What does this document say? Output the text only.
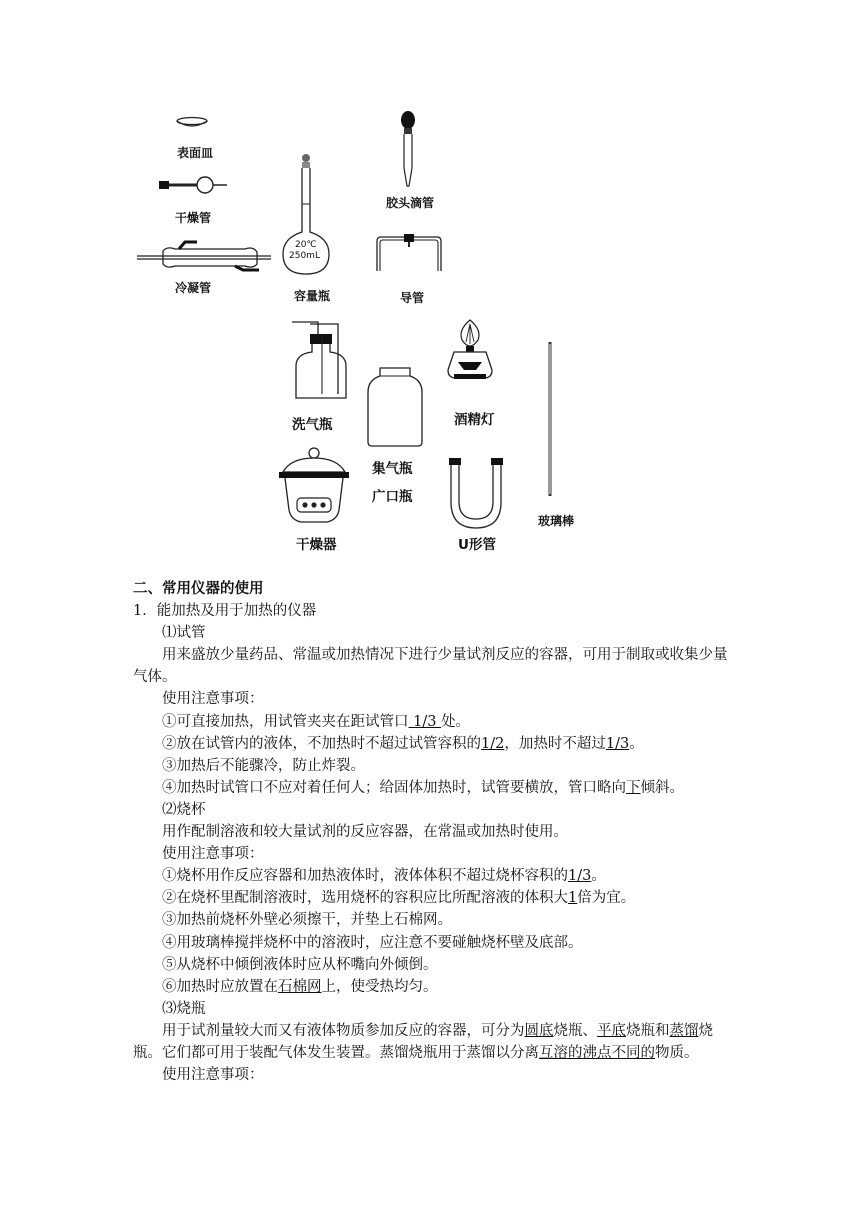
表面皿
干燥管
冷凝管
20℃
250mL
容量瓶
胶头滴管
导管
洗气瓶
集气瓶
广口瓶
酒精灯
玻璃棒
干燥器	U形管

二、常用仪器的使用

1．能加热及用于加热的仪器

⑴试管

用来盛放少量药品、常温或加热情况下进行少量试剂反应的容器，可用于制取或收集少量气体。

使用注意事项：

①可直接加热，用试管夹夹在距试管口 1/3 处。

②放在试管内的液体，不加热时不超过试管容积的1/2，加热时不超过1/3。

③加热后不能骤冷，防止炸裂。

④加热时试管口不应对着任何人；给固体加热时，试管要横放，管口略向下倾斜。

⑵烧杯

用作配制溶液和较大量试剂的反应容器，在常温或加热时使用。

使用注意事项：

①烧杯用作反应容器和加热液体时，液体体积不超过烧杯容积的1/3。

②在烧杯里配制溶液时，选用烧杯的容积应比所配溶液的体积大1倍为宜。

③加热前烧杯外壁必须擦干，并垫上石棉网。

④用玻璃棒搅拌烧杯中的溶液时，应注意不要碰触烧杯壁及底部。

⑤从烧杯中倾倒液体时应从杯嘴向外倾倒。

⑥加热时应放置在石棉网上，使受热均匀。

⑶烧瓶

用于试剂量较大而又有液体物质参加反应的容器，可分为圆底烧瓶、平底烧瓶和蒸馏烧瓶。它们都可用于装配气体发生装置。蒸馏烧瓶用于蒸馏以分离互溶的沸点不同的物质。

使用注意事项：
